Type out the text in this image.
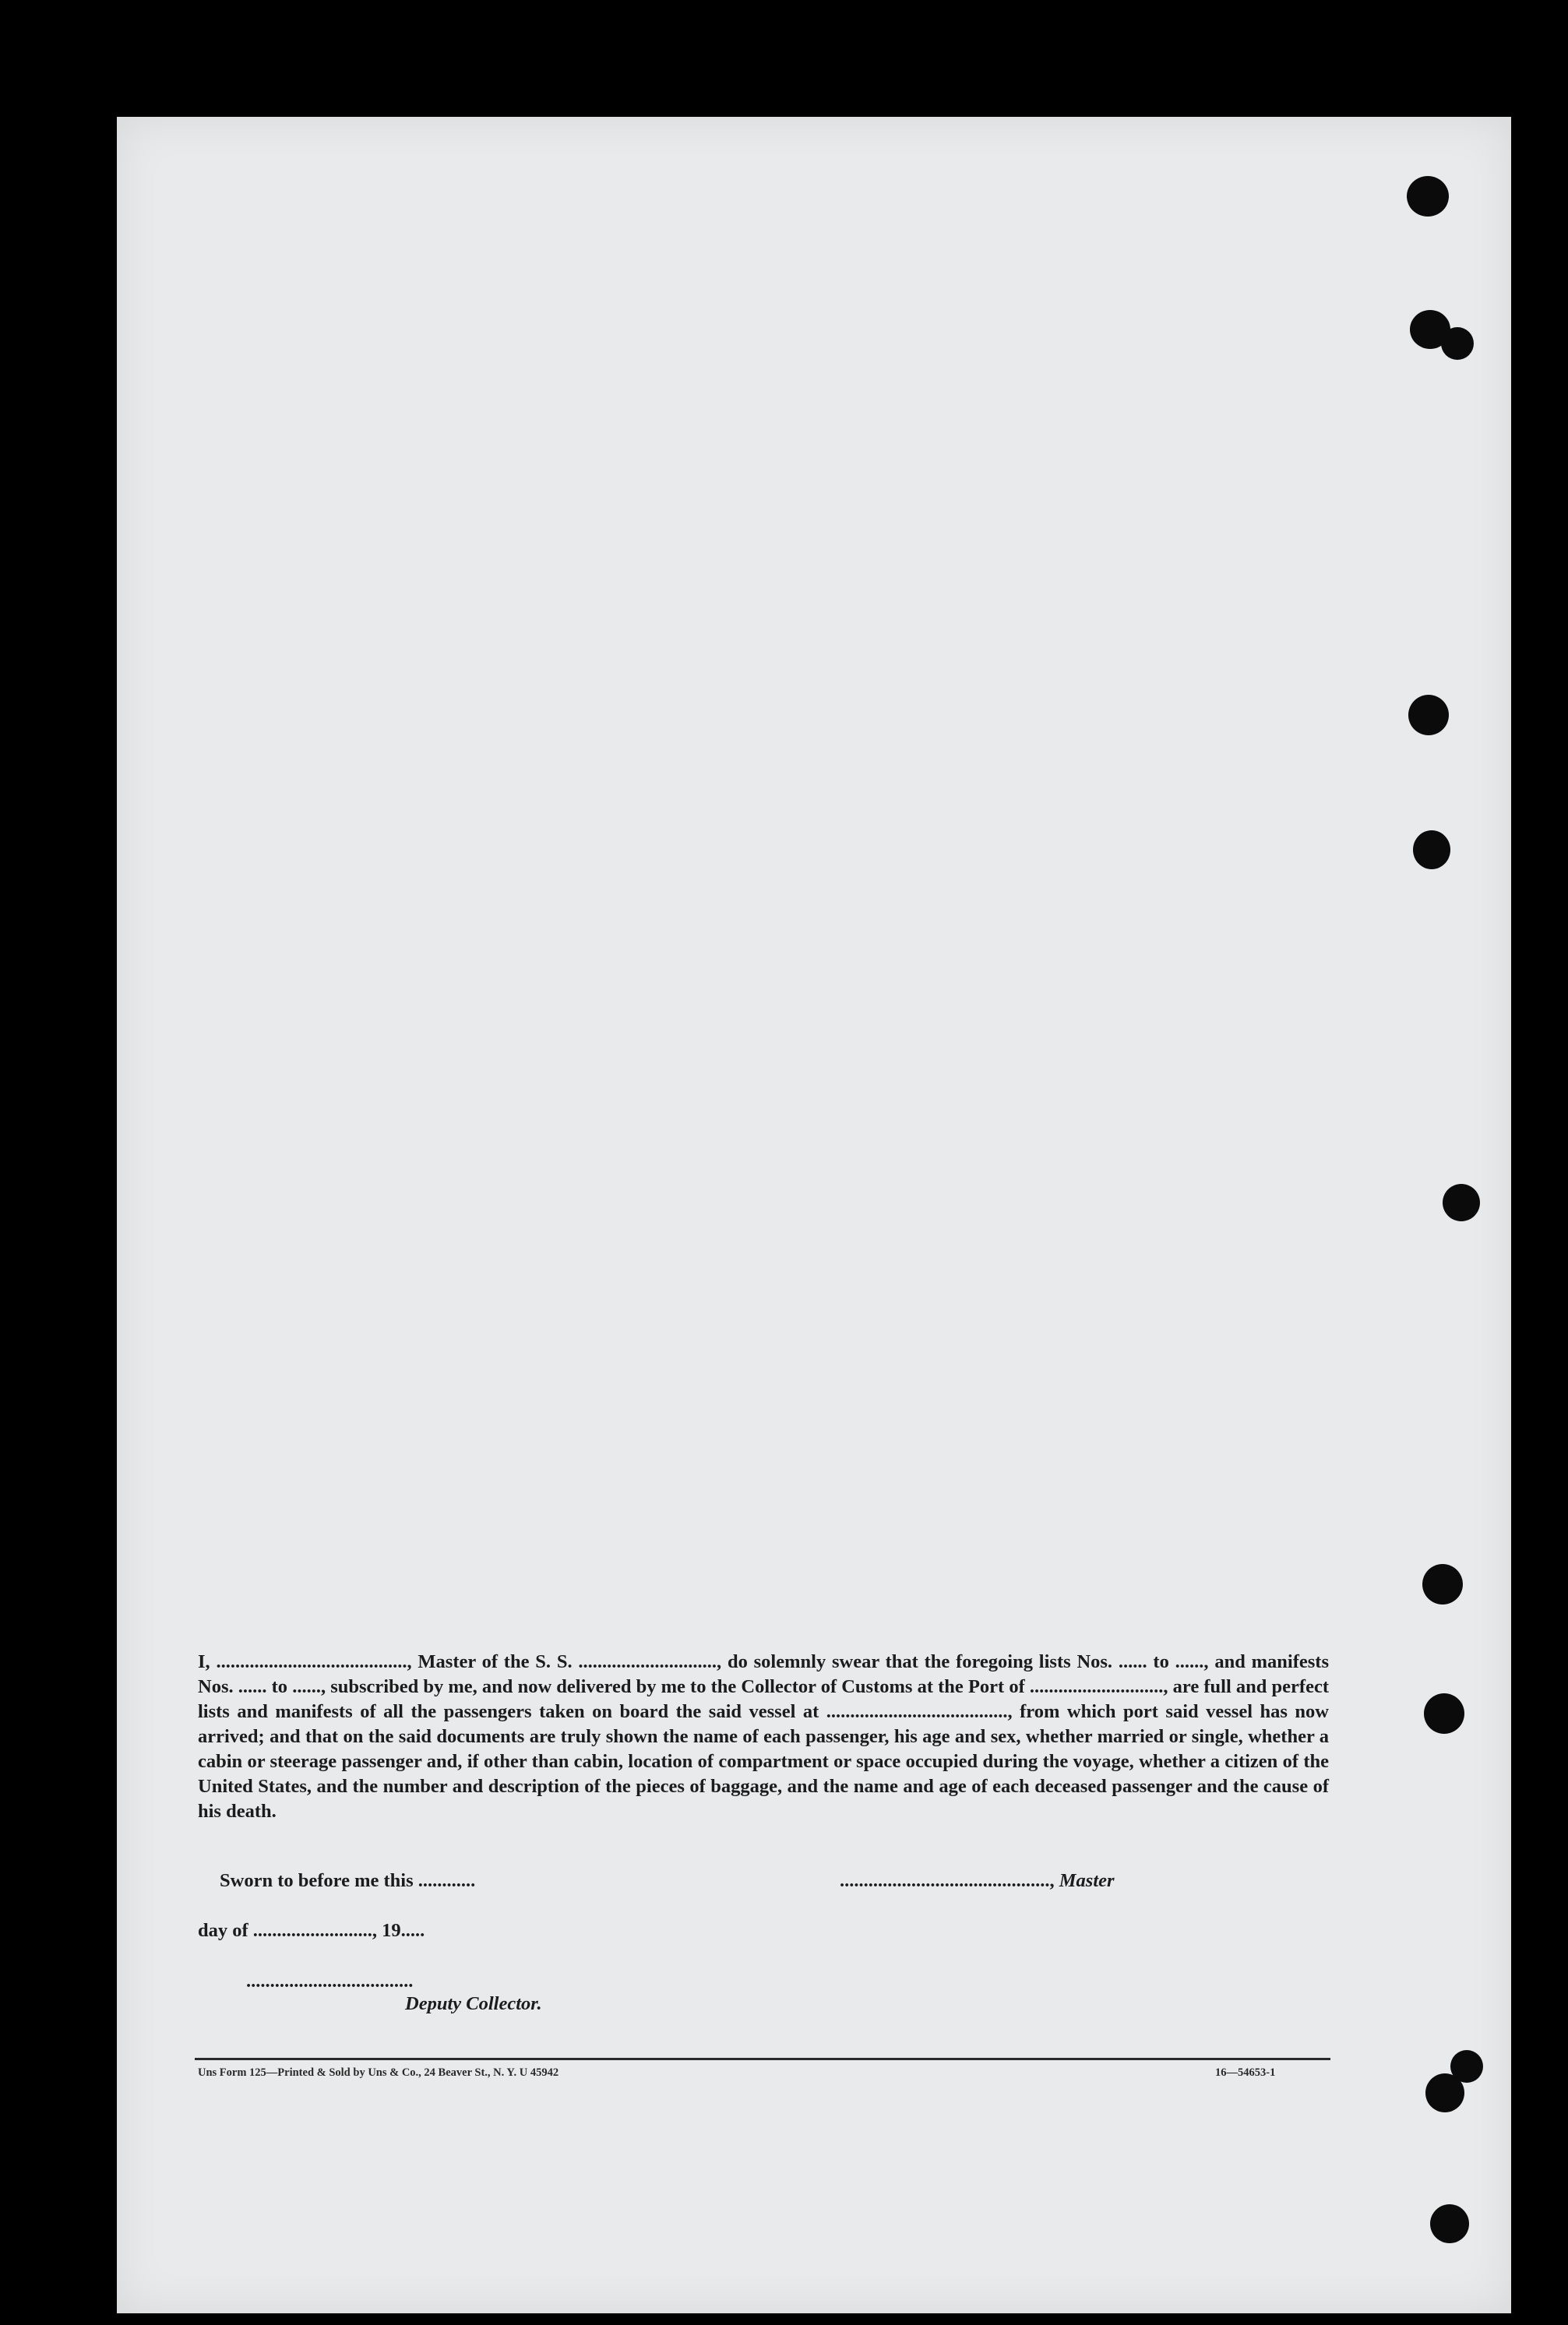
I, ........................................, Master of the S. S. ............................., do solemnly swear that the foregoing lists Nos. ...... to ......, and manifests Nos. ...... to ......, subscribed by me, and now delivered by me to the Collector of Customs at the Port of ............................, are full and perfect lists and manifests of all the passengers taken on board the said vessel at ......................................, from which port said vessel has now arrived; and that on the said documents are truly shown the name of each passenger, his age and sex, whether married or single, whether a cabin or steerage passenger and, if other than cabin, location of compartment or space occupied during the voyage, whether a citizen of the United States, and the number and description of the pieces of baggage, and the name and age of each deceased passenger and the cause of his death.

Sworn to before me this ............	............................................, Master
day of ........................., 19.....
...................................
Deputy Collector.
Uns Form 125—Printed & Sold by Uns & Co., 24 Beaver St., N. Y. U 45942	16—54653-1
